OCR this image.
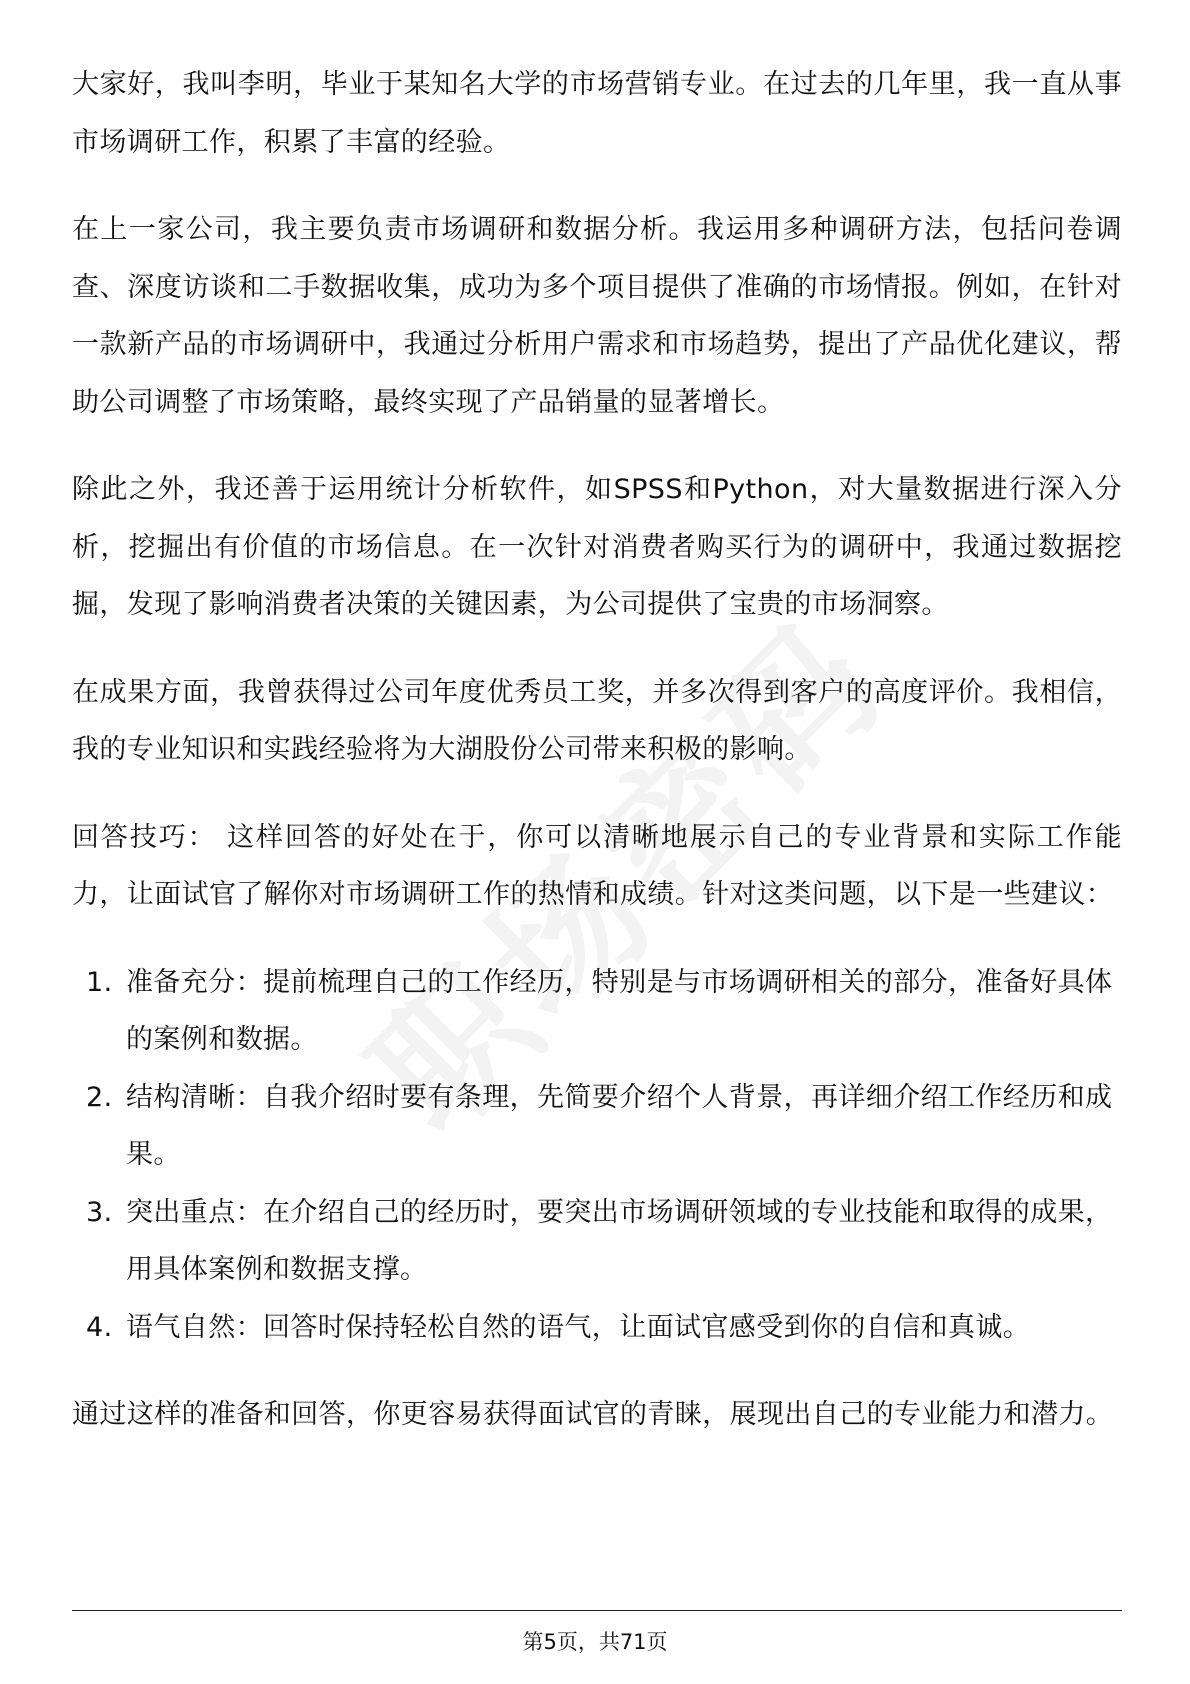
大家好，我叫李明，毕业于某知名大学的市场营销专业。在过去的几年里，我一直从事市场调研工作，积累了丰富的经验。

在上一家公司，我主要负责市场调研和数据分析。我运用多种调研方法，包括问卷调查、深度访谈和二手数据收集，成功为多个项目提供了准确的市场情报。例如，在针对一款新产品的市场调研中，我通过分析用户需求和市场趋势，提出了产品优化建议，帮助公司调整了市场策略，最终实现了产品销量的显著增长。

除此之外，我还善于运用统计分析软件，如SPSS和Python，对大量数据进行深入分析，挖掘出有价值的市场信息。在一次针对消费者购买行为的调研中，我通过数据挖掘，发现了影响消费者决策的关键因素，为公司提供了宝贵的市场洞察。

在成果方面，我曾获得过公司年度优秀员工奖，并多次得到客户的高度评价。我相信，我的专业知识和实践经验将为大湖股份公司带来积极的影响。

回答技巧： 这样回答的好处在于，你可以清晰地展示自己的专业背景和实际工作能力，让面试官了解你对市场调研工作的热情和成绩。针对这类问题，以下是一些建议：

1. 准备充分：提前梳理自己的工作经历，特别是与市场调研相关的部分，准备好具体的案例和数据。
2. 结构清晰：自我介绍时要有条理，先简要介绍个人背景，再详细介绍工作经历和成果。
3. 突出重点：在介绍自己的经历时，要突出市场调研领域的专业技能和取得的成果，用具体案例和数据支撑。
4. 语气自然：回答时保持轻松自然的语气，让面试官感受到你的自信和真诚。

通过这样的准备和回答，你更容易获得面试官的青睐，展现出自己的专业能力和潜力。

第5页，共71页
